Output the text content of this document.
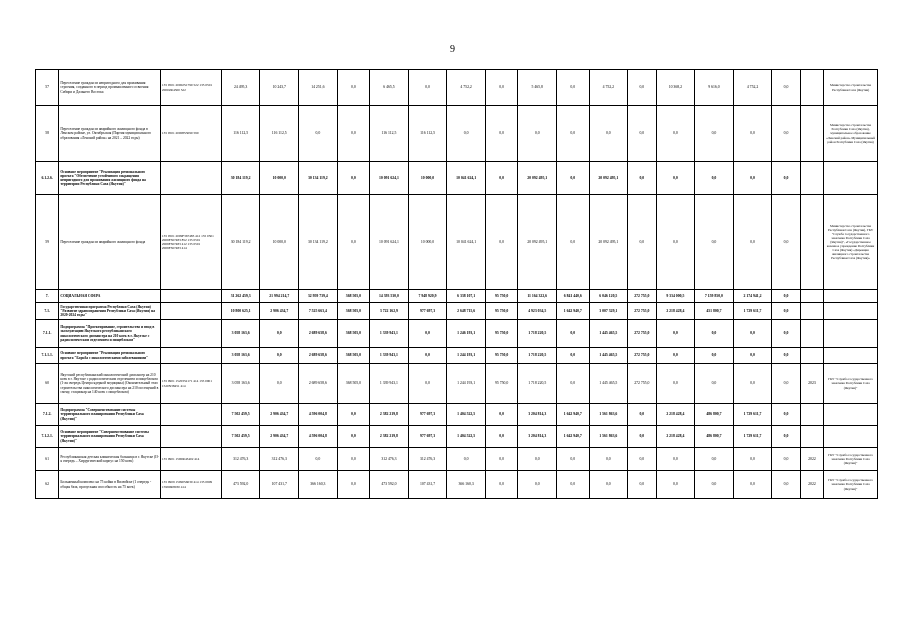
9
57	Переселение граждан из непригодного для проживания строения, созданного в период промышленного освоения Сибири и Дальнего Востока	135 0501 20002S1790 522 135 0501 20002Ф4300 522	24 495,3	10 243,7	14 251,6	0,0	6 465,5	0,0	4 752,2	0,0	5 465,8	0,0	4 752,2	0,0	10 368,2	9 616,0	4 752,2	0,0		Министерство строительства Республики Саха (Якутия)
58	Переселение граждан из аварийного жилищного фонда в Ленском районе, ул. Октябрьская (Партия муниципального образования «Ленский район» на 2021 – 2022 годы)	135 0501 20008S5090 590	116 112,5	116 112,5	0,0	0,0	116 112,5	116 112,5	0,0	0,0	0,0	0,0	0,0	0,0	0,0	0,0	0,0	0,0		Министерство строительства Республики Саха (Якутия), муниципальное образование «Ленский район» Муниципальный район Республики Саха (Якутия)
6.1.2.6.	Основное мероприятие "Реализация регионального проекта "Обеспечение устойчивого сокращения непригодного для проживания жилищного фонда на территории Республики Саха (Якутия)"		30 184 119,2	10 000,0	30 134 119,2	0,0	10 091 624,1	10 000,0	10 041 624,1	0,0	20 092 495,1	0,0	20 092 495,1	0,0	0,0	0,0	0,0	0,0		
59	Переселение граждан из аварийного жилищного фонда	135 0501 2009F367483 412 135 0501 2009F367483 852 135 0501 2009F367483 412 135 0501 2009F367483 414	30 184 119,2	10 000,0	30 134 119,2	0,0	10 091 624,1	10 000,0	10 041 624,1	0,0	20 092 495,1	0,0	20 092 495,1	0,0	0,0	0,0	0,0	0,0		Министерство строительства Республики Саха (Якутия), ГКУ "Служба государственного заказчика Республики Саха (Якутия)", «Государственное казенное учреждение Республики Саха (Якутия) «Дирекция жилищного строительства Республики Саха (Якутия)»
7.	СОЦИАЛЬНАЯ СФЕРА		31 262 459,3	21 994 214,7	32 959 739,4	368 505,0	14 393 530,0	7 948 920,9	6 338 107,1	95 750,0	11 164 322,6	6 841 440,6	6 046 120,5	272 755,0	9 334 000,5	7 159 850,0	2 174 941,2	0,0		
7.1.	Государственная программа Республики Саха (Якутия) "Развитие здравоохранения Республики Саха (Якутия) на 2020-2024 годы"		10 800 625,1	2 906 434,7	7 525 663,4	368 505,0	3 722 162,9	977 697,3	2 648 715,6	95 750,0	4 923 034,5	1 642 940,7	3 007 329,1	272 755,0	2 218 428,4	451 800,7	1 729 611,7	0,0		
7.1.1.	Подпрограмма "Проектирование, строительство и ввод в эксплуатацию Якутского республиканского онкологического диспансера на 210 коек в г. Якутске с радиологическим отделением и пищеблоком"		3 058 163,6	0,0	2 689 658,6	368 505,0	1 339 943,1	0,0	1 246 193,1	95 750,0	1 718 220,5	0,0	1 445 465,5	272 755,0	0,0	0,0	0,0	0,0		
7.1.1.1.	Основное мероприятие "Реализация регионального проекта "Борьба с онкологическими заболеваниями"		3 058 163,6	0,0	2 689 658,6	368 505,0	1 339 943,1	0,0	1 244 193,1	95 750,0	1 718 220,5	0,0	1 445 465,5	272 755,0	0,0	0,0	0,0	0,0		
60	Якутский республиканский онкологический диспансер на 210 коек в г. Якутске с радиологическим отделением и пищеблоком (1-ая очередь Центра ядерной медицины) (Окончательный этап строительства онкологического диспансера на 210 посещений в смену, стационар на 140 коек с пищеблоком)	135 0901 1520352171 414 135 0901 1520N38451 414	3 058 163,6	0,0	2 689 658,6	368 505,0	1 339 943,1	0,0	1 244 193,1	95 750,0	1 718 220,5	0,0	1 445 465,5	272 755,0	0,0	0,0	0,0	0,0	2023	ГКУ "Служба государственного заказчика Республики Саха (Якутия)"
7.1.2.	Подпрограмма "Совершенствование системы территориального планирования Республики Саха (Якутия)"		7 502 459,5	2 906 434,7	4 596 004,8	0,0	2 382 219,8	977 697,3	1 404 522,5	0,0	3 204 814,3	1 642 940,7	1 561 863,6	0,0	2 218 428,4	486 800,7	1 729 611,7	0,0		
7.1.2.1.	Основное мероприятие "Совершенствование системы территориального планирования Республики Саха (Якутия)"		7 502 459,5	2 906 434,7	4 596 004,8	0,0	2 382 219,8	977 697,3	1 404 522,5	0,0	3 204 814,3	1 642 940,7	1 561 863,6	0,0	2 218 428,4	486 800,7	1 729 611,7	0,0		
61	Республиканская детская клиническая больница в г. Якутске (II-я очередь – Хирургический корпус на 150 коек)	135 0901 1590Ф43402 414	312 476,3	312 476,3	0,0	0,0	312 476,3	312 476,3	0,0	0,0	0,0	0,0	0,0	0,0	0,0	0,0	0,0	0,0	2022	ГКУ "Служба государственного заказчика Республики Саха (Якутия)"
62	Больничный комплекс на 75 койки в Вилюйске (1 очередь - общая база, пропускная способность на 75 коек)	135 0909 15990S6030 414 135 0909 15990Ф8030 414	473 592,0	107 431,7	366 160,3	0,0	473 592,0	107 431,7	366 160,3	0,0	0,0	0,0	0,0	0,0	0,0	0,0	0,0	0,0	2022	ГКУ "Служба государственного заказчика Республики Саха (Якутия)"
